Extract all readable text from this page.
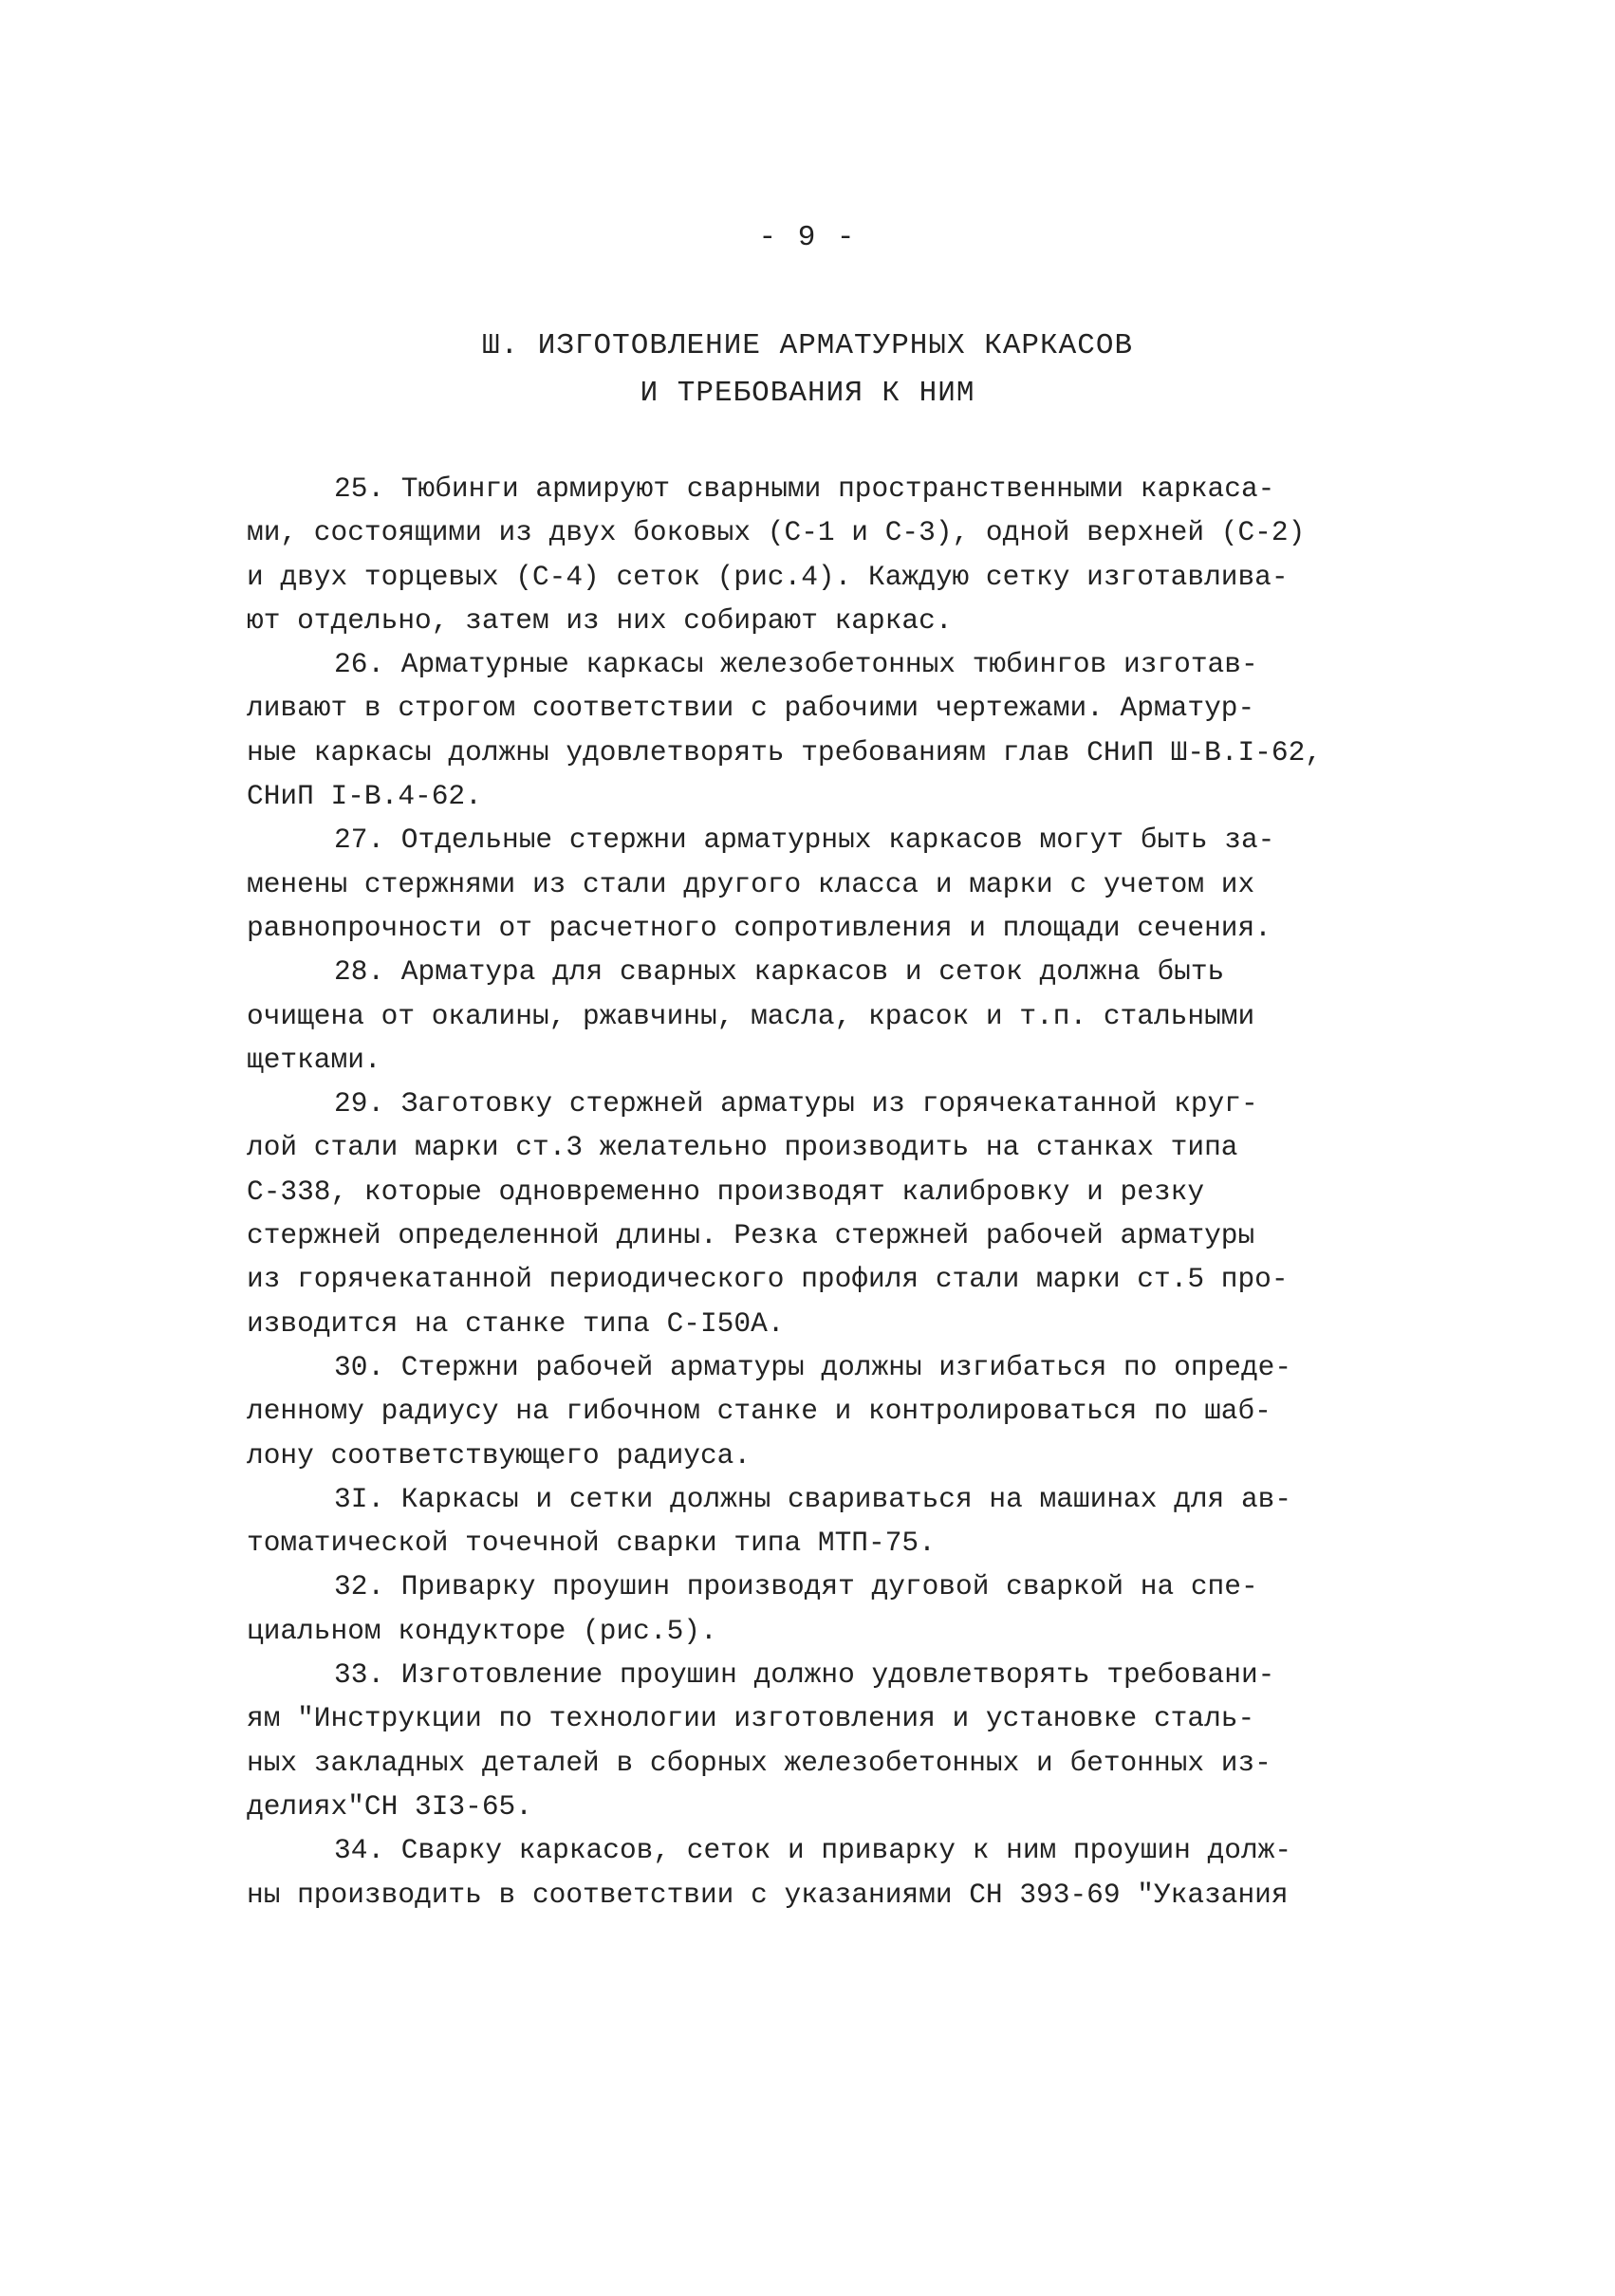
- 9 -
Ш. ИЗГОТОВЛЕНИЕ АРМАТУРНЫХ КАРКАСОВ
И ТРЕБОВАНИЯ К НИМ
25. Тюбинги армируют сварными пространственными каркаса-
ми, состоящими из двух боковых (С-1 и С-3), одной верхней (С-2)
и двух торцевых (С-4) сеток (рис.4). Каждую сетку изготавлива-
ют отдельно, затем из них собирают каркас.
26. Арматурные каркасы железобетонных тюбингов изготав-
ливают в строгом соответствии с рабочими чертежами. Арматур-
ные каркасы должны удовлетворять требованиям глав СНиП Ш-В.I-62,
СНиП I-В.4-62.
27. Отдельные стержни арматурных каркасов могут быть за-
менены стержнями из стали другого класса и марки с учетом их
равнопрочности от расчетного сопротивления и площади сечения.
28. Арматура для сварных каркасов и сеток должна быть
очищена от окалины, ржавчины, масла, красок и т.п. стальными
щетками.
29. Заготовку стержней арматуры из горячекатанной круг-
лой стали марки ст.3 желательно производить на станках типа
С-338, которые одновременно производят калибровку и резку
стержней определенной длины. Резка стержней рабочей арматуры
из горячекатанной периодического профиля стали марки ст.5 про-
изводится на станке типа С-I50А.
30. Стержни рабочей арматуры должны изгибаться по опреде-
ленному радиусу на гибочном станке и контролироваться по шаб-
лону соответствующего радиуса.
3I. Каркасы и сетки должны свариваться на машинах для ав-
томатической точечной сварки типа МТП-75.
32. Приварку проушин производят дуговой сваркой на спе-
циальном кондукторе (рис.5).
33. Изготовление проушин должно удовлетворять требовани-
ям "Инструкции по технологии изготовления и установке сталь-
ных закладных деталей в сборных железобетонных и бетонных из-
делиях"СН 3I3-65.
34. Сварку каркасов, сеток и приварку к ним проушин долж-
ны производить в соответствии с указаниями СН 393-69 "Указания
